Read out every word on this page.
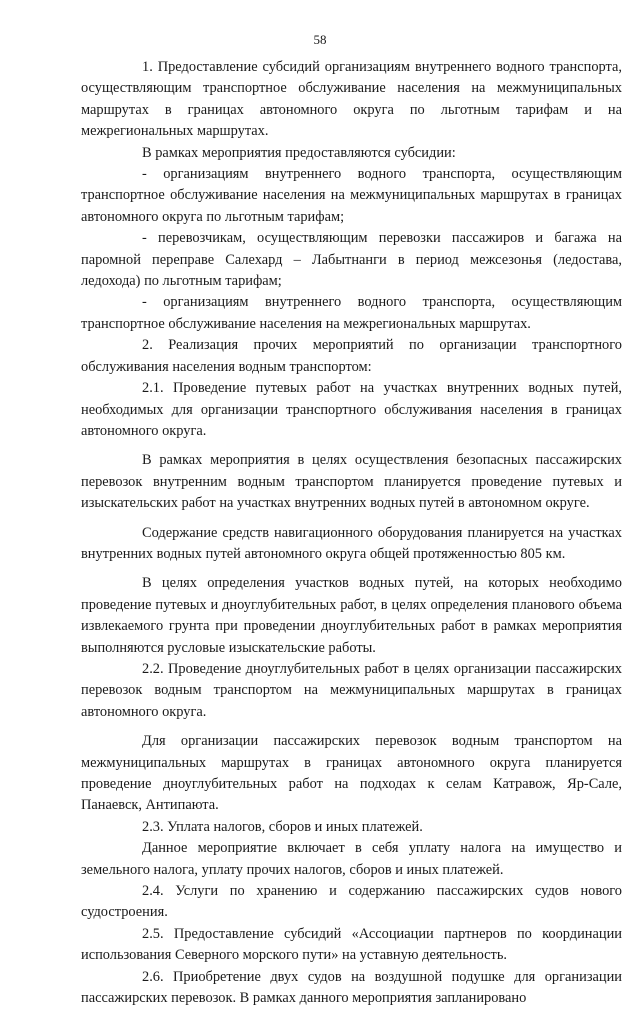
58

1. Предоставление субсидий организациям внутреннего водного транспорта, осуществляющим транспортное обслуживание населения на межмуниципальных маршрутах в границах автономного округа по льготным тарифам и на межрегиональных маршрутах.

В рамках мероприятия предоставляются субсидии:

- организациям внутреннего водного транспорта, осуществляющим транспортное обслуживание населения на межмуниципальных маршрутах в границах автономного округа по льготным тарифам;

- перевозчикам, осуществляющим перевозки пассажиров и багажа на паромной переправе Салехард – Лабытнанги в период межсезонья (ледостава, ледохода) по льготным тарифам;

- организациям внутреннего водного транспорта, осуществляющим транспортное обслуживание населения на межрегиональных маршрутах.

2. Реализация прочих мероприятий по организации транспортного обслуживания населения водным транспортом:

2.1. Проведение путевых работ на участках внутренних водных путей, необходимых для организации транспортного обслуживания населения в границах автономного округа.

В рамках мероприятия в целях осуществления безопасных пассажирских перевозок внутренним водным транспортом планируется проведение путевых и изыскательских работ на участках внутренних водных путей в автономном округе.

Содержание средств навигационного оборудования планируется на участках внутренних водных путей автономного округа общей протяженностью 805 км.

В целях определения участков водных путей, на которых необходимо проведение путевых и дноуглубительных работ, в целях определения планового объема извлекаемого грунта при проведении дноуглубительных работ в рамках мероприятия выполняются русловые изыскательские работы.

2.2. Проведение дноуглубительных работ в целях организации пассажирских перевозок водным транспортом на межмуниципальных маршрутах в границах автономного округа.

Для организации пассажирских перевозок водным транспортом на межмуниципальных маршрутах в границах автономного округа планируется проведение дноуглубительных работ на подходах к селам Катравож, Яр-Сале, Панаевск, Антипаюта.

2.3. Уплата налогов, сборов и иных платежей.

Данное мероприятие включает в себя уплату налога на имущество и земельного налога, уплату прочих налогов, сборов и иных платежей.

2.4. Услуги по хранению и содержанию пассажирских судов нового судостроения.

2.5. Предоставление субсидий «Ассоциации партнеров по координации использования Северного морского пути» на уставную деятельность.

2.6. Приобретение двух судов на воздушной подушке для организации пассажирских перевозок. В рамках данного мероприятия запланировано
